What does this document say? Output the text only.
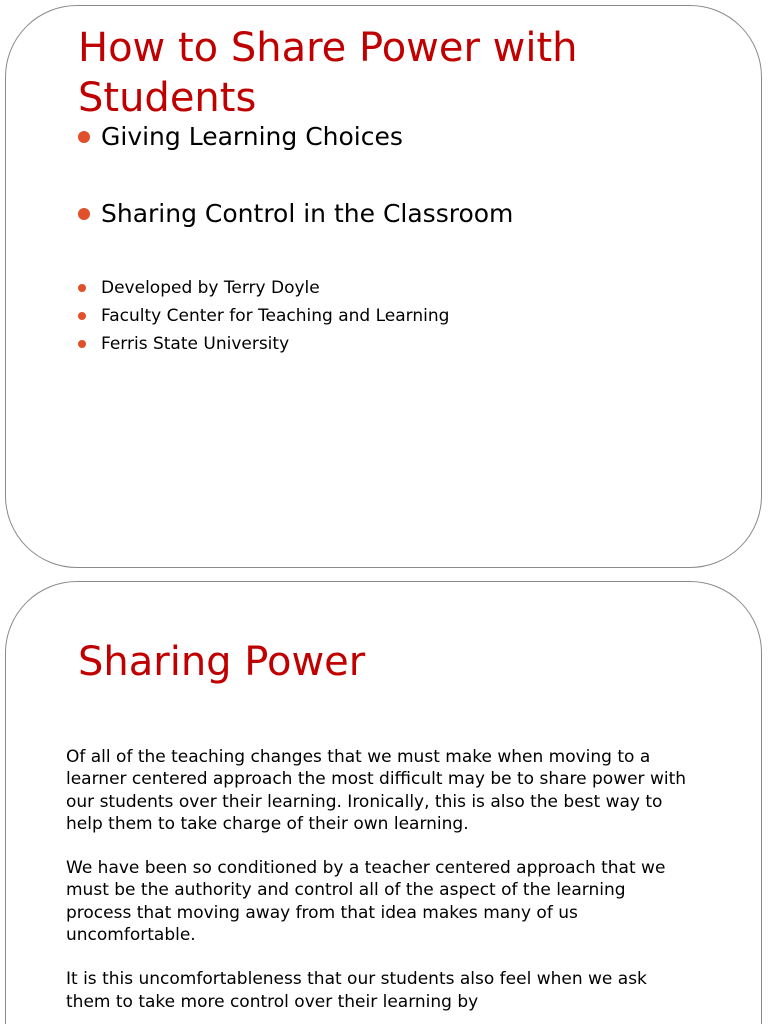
How to Share Power with Students
Giving Learning Choices
Sharing Control in the Classroom
Developed by Terry Doyle
Faculty Center for Teaching and Learning
Ferris State University
Sharing Power

Of all of the teaching changes that we must make when moving to a learner centered approach the most difficult may be to share power with our students over their learning. Ironically, this is also the best way to help them to take charge of their own learning.

We have been so conditioned by a teacher centered approach that we must be the authority and control all of the aspect of the learning process that moving away from that idea makes many of us uncomfortable.

It is this uncomfortableness that our students also feel when we ask them to take more control over their learning by
